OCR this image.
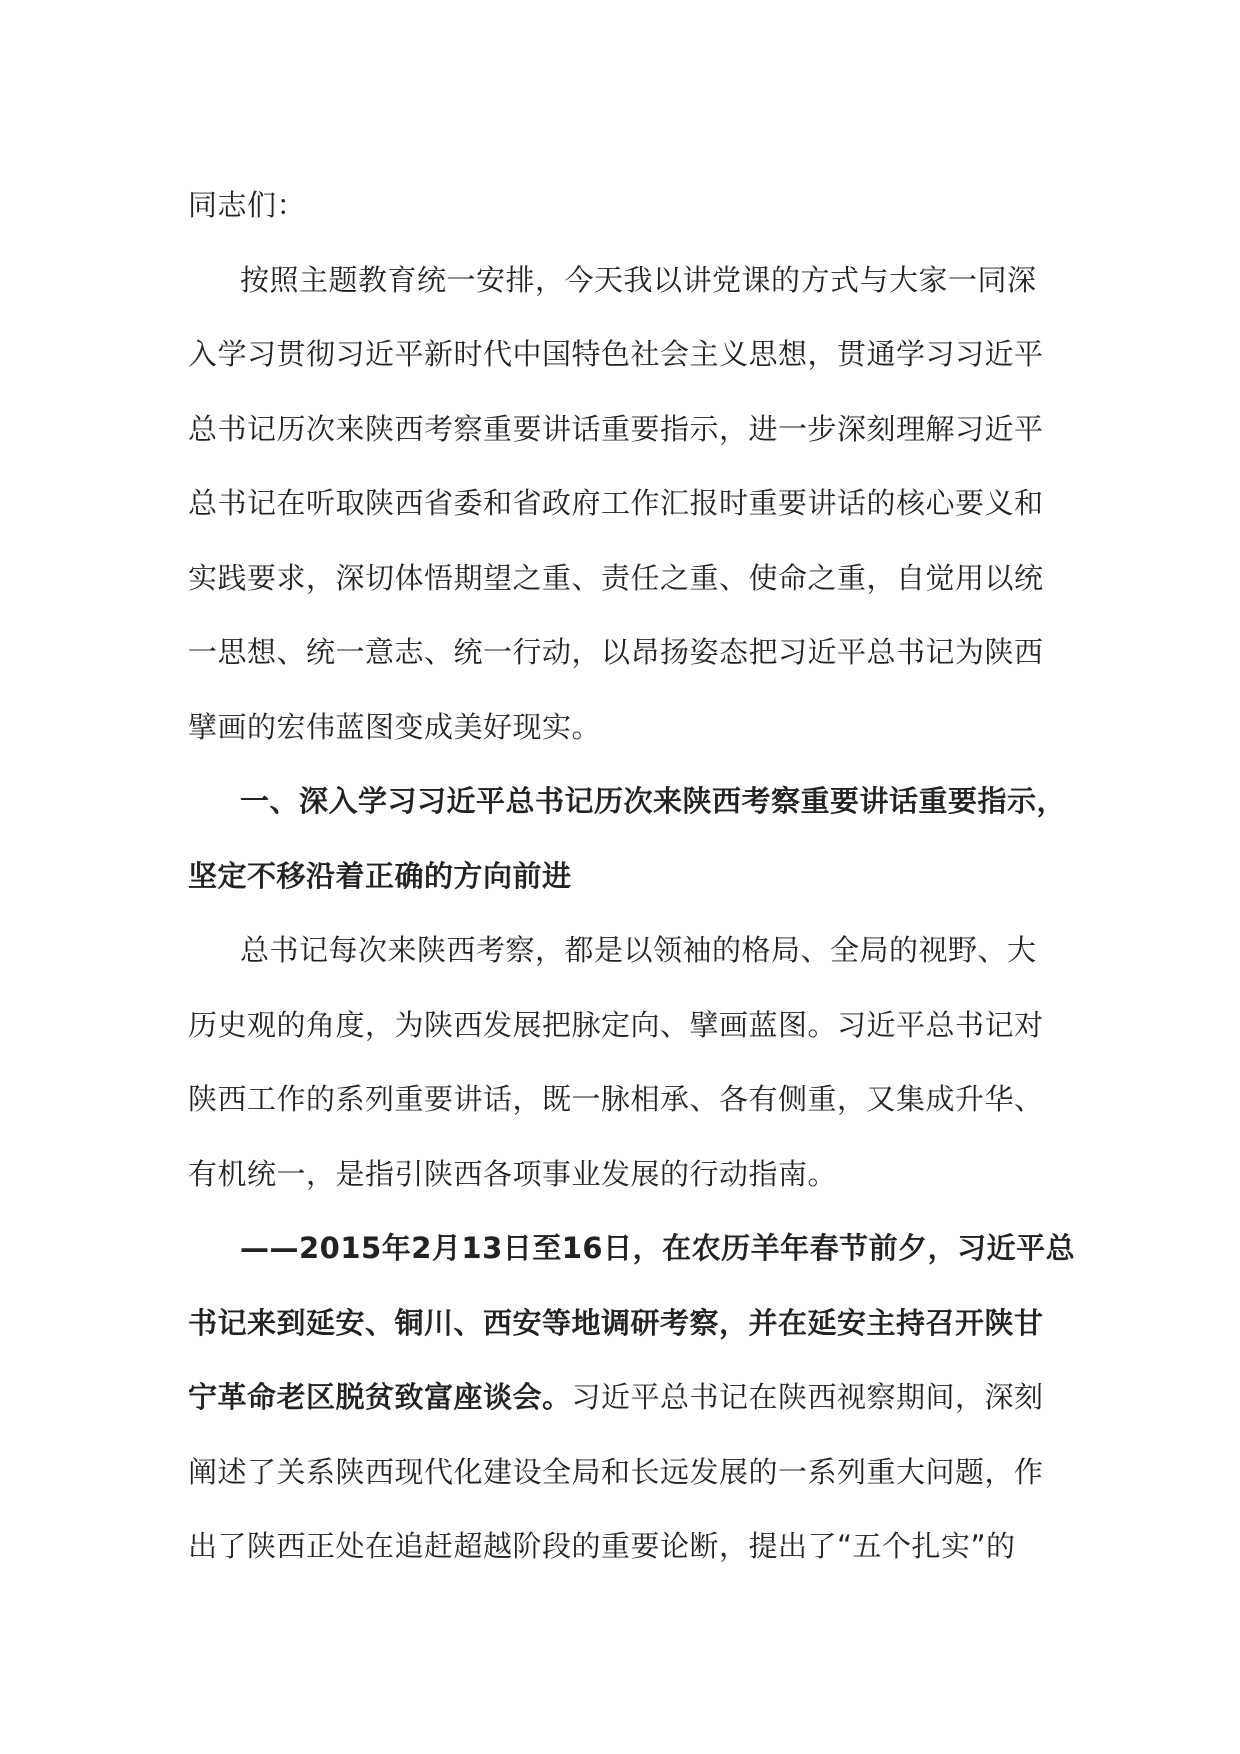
同志们：
按照主题教育统一安排，今天我以讲党课的方式与大家一同深
入学习贯彻习近平新时代中国特色社会主义思想，贯通学习习近平
总书记历次来陕西考察重要讲话重要指示，进一步深刻理解习近平
总书记在听取陕西省委和省政府工作汇报时重要讲话的核心要义和
实践要求，深切体悟期望之重、责任之重、使命之重，自觉用以统
一思想、统一意志、统一行动，以昂扬姿态把习近平总书记为陕西
擘画的宏伟蓝图变成美好现实。
一、深入学习习近平总书记历次来陕西考察重要讲话重要指示，
坚定不移沿着正确的方向前进
总书记每次来陕西考察，都是以领袖的格局、全局的视野、大
历史观的角度，为陕西发展把脉定向、擘画蓝图。习近平总书记对
陕西工作的系列重要讲话，既一脉相承、各有侧重，又集成升华、
有机统一，是指引陕西各项事业发展的行动指南。
——2015年2月13日至16日，在农历羊年春节前夕，习近平总
书记来到延安、铜川、西安等地调研考察，并在延安主持召开陕甘
宁革命老区脱贫致富座谈会。习近平总书记在陕西视察期间，深刻
阐述了关系陕西现代化建设全局和长远发展的一系列重大问题，作
出了陕西正处在追赶超越阶段的重要论断，提出了“五个扎实”的
